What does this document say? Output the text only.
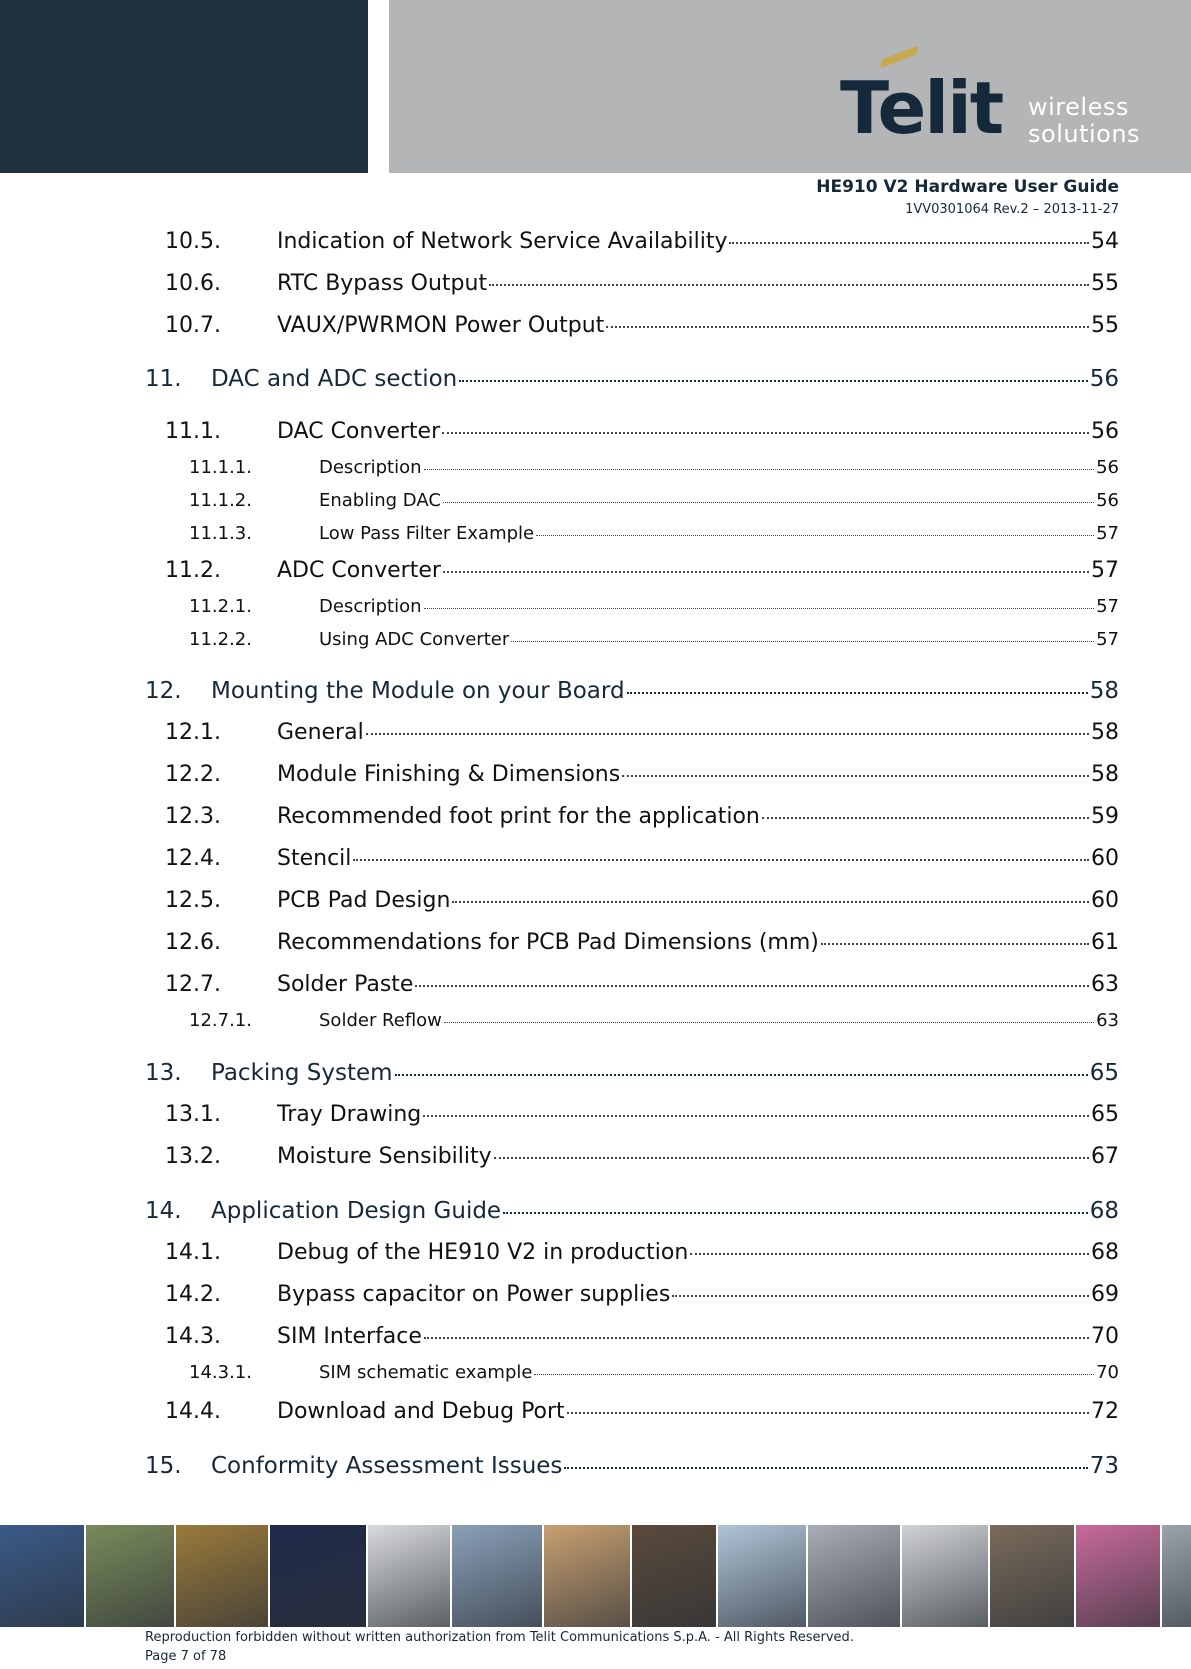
Telit wireless
solutions
HE910 V2 Hardware User Guide
1VV0301064 Rev.2 – 2013-11-27
10.5.	Indication of Network Service Availability	54
10.6.	RTC Bypass Output	55
10.7.	VAUX/PWRMON Power Output	55
11.	DAC and ADC section	56
11.1.	DAC Converter	56
11.1.1.	Description	56
11.1.2.	Enabling DAC	56
11.1.3.	Low Pass Filter Example	57
11.2.	ADC Converter	57
11.2.1.	Description	57
11.2.2.	Using ADC Converter	57
12.	Mounting the Module on your Board	58
12.1.	General	58
12.2.	Module Finishing & Dimensions	58
12.3.	Recommended foot print for the application	59
12.4.	Stencil	60
12.5.	PCB Pad Design	60
12.6.	Recommendations for PCB Pad Dimensions (mm)	61
12.7.	Solder Paste	63
12.7.1.	Solder Reflow	63
13.	Packing System	65
13.1.	Tray Drawing	65
13.2.	Moisture Sensibility	67
14.	Application Design Guide	68
14.1.	Debug of the HE910 V2 in production	68
14.2.	Bypass capacitor on Power supplies	69
14.3.	SIM Interface	70
14.3.1.	SIM schematic example	70
14.4.	Download and Debug Port	72
15.	Conformity Assessment Issues	73
Reproduction forbidden without written authorization from Telit Communications S.p.A. - All Rights Reserved.
Page 7 of 78
